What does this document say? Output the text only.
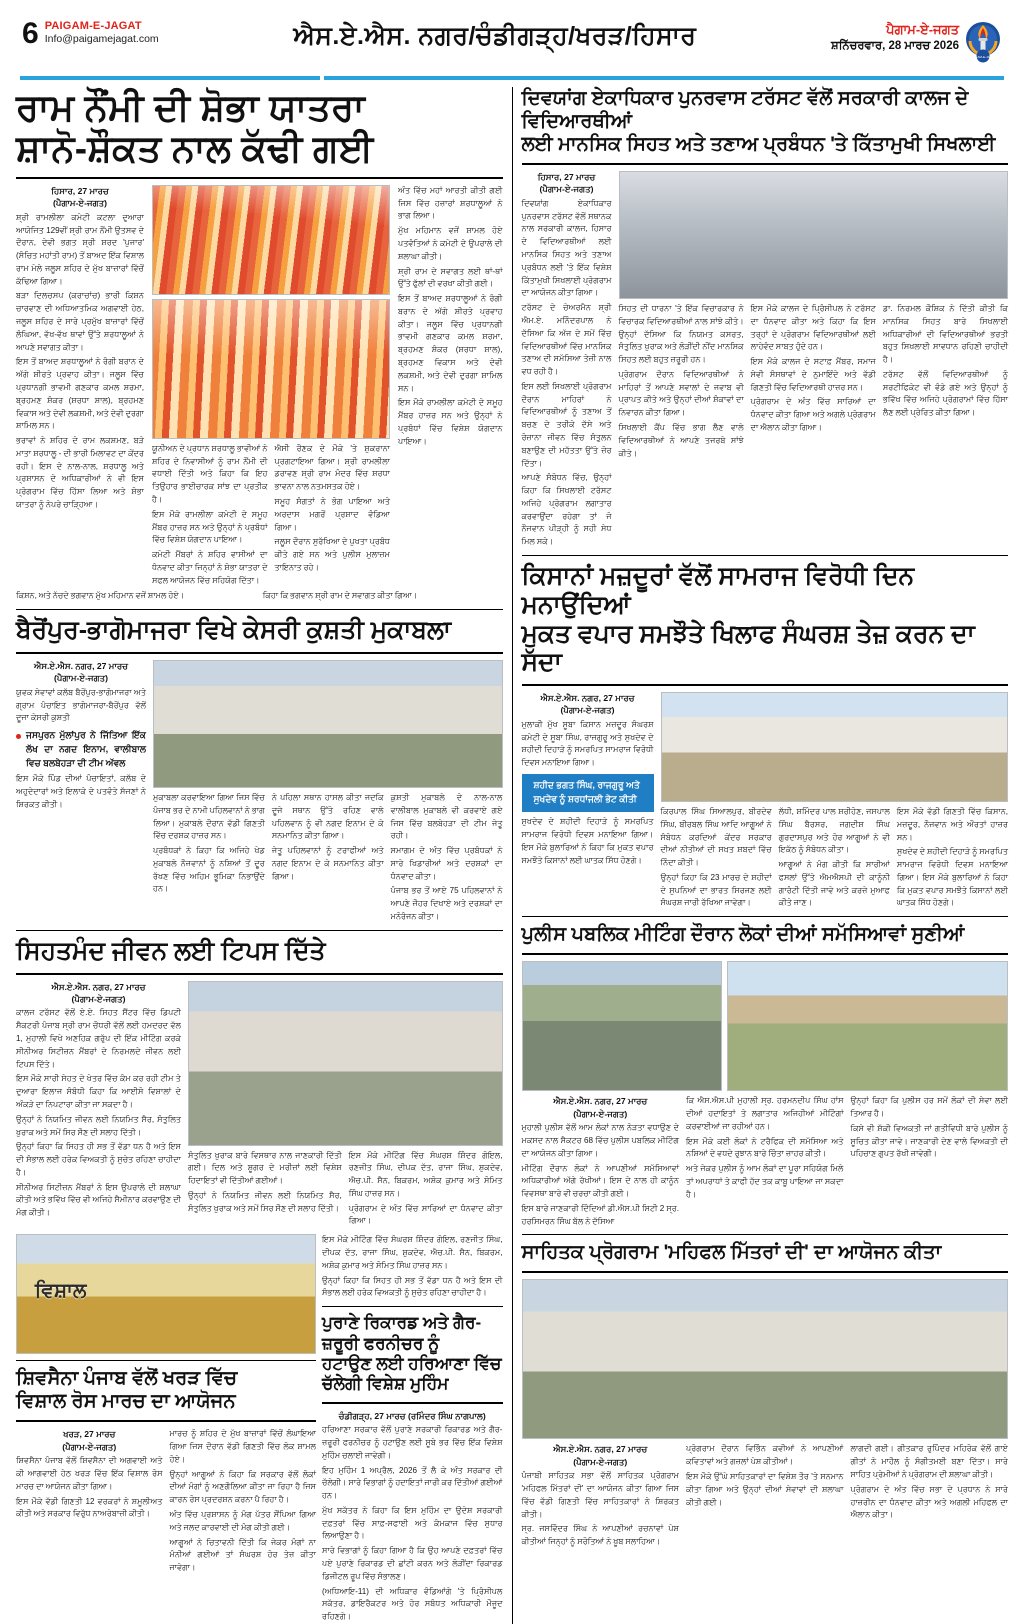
6 PAIGAM-E-JAGAT
Info@paigamejagat.com	ਐਸ.ਏ.ਐਸ. ਨਗਰ/ਚੰਡੀਗੜ੍ਹ/ਖਰੜ/ਹਿਸਾਰ	ਪੈਗਾਮ-ਏ-ਜਗਤ
ਸ਼ਨਿੱਚਰਵਾਰ, 28 ਮਾਰਚ 2026
PAIGAM-E-JAGAT
ਰਾਮ ਨੌਂਮੀ ਦੀ ਸ਼ੋਭਾ ਯਾਤਰਾ
ਸ਼ਾਨੋ-ਸ਼ੌਕਤ ਨਾਲ ਕੱਢੀ ਗਈ
ਹਿਸਾਰ, 27 ਮਾਰਚ
(ਪੈਗਾਮ-ਏ-ਜਗਤ)

ਸ਼੍ਰੀ ਰਾਮਲੀਲਾ ਕਮੇਟੀ ਕਟਲਾ ਦੁਆਰਾ ਆਯੋਜਿਤ 129ਵੀਂ ਸ਼੍ਰੀ ਰਾਮ ਨੌਂਮੀ ਉਤਸਵ ਦੇ ਦੌਰਾਨ, ਦੇਵੀ ਭਗਤ ਸ਼੍ਰੀ ਸ਼ਰਦ 'ਪੁਜਾਰ' (ਸੰਚਿਤ ਮਹਾਂਤੀ ਰਾਮ) ਤੋਂ ਬਾਅਦ ਇੱਕ ਵਿਸ਼ਾਲ ਰਾਮ ਮੇਲੇ ਜਲੂਸ ਸ਼ਹਿਰ ਦੇ ਮੁੱਖ ਬਾਜ਼ਾਰਾਂ ਵਿੱਚੋਂ ਕੱਢਿਆ ਗਿਆ।

ਬੜਾ ਦਿਲਚਸਪ (ਕਰਾਚਾਂਚ) ਭਾਰੀ ਕਿਸ਼ਨ ਚਾਰਵਾਣ ਦੀ ਅਧਿਆਤਮਿਕ ਅਗਵਾਈ ਹੇਠ, ਜਲੂਸ ਸ਼ਹਿਰ ਦੇ ਸਾਰੇ ਪ੍ਰਮੁੱਖ ਬਾਜ਼ਾਰਾਂ ਵਿੱਚੋਂ ਲੰਘਿਆ, ਵੱਖ-ਵੱਖ ਥਾਵਾਂ ਉੱਤੇ ਸ਼ਰਧਾਲੂਆਂ ਨੇ ਆਪਣੇ ਸਵਾਗਤ ਕੀਤਾ।

ਇਸ ਤੋਂ ਬਾਅਦ ਸ਼ਰਧਾਲੂਆਂ ਨੇ ਰੰਗੀ ਬਰਾਨ ਦੇ ਅੱਗੇ ਸ਼ੀਰਤੇ ਪ੍ਰਵਾਹ ਕੀਤਾ। ਜਲੂਸ ਵਿੱਚ ਪ੍ਰਧਾਨਗੀ ਭਾਵਮੀ ਗਣਕਾਰ ਕਮਲ ਸ਼ਰਮਾ, ਬ੍ਰਹਮਣ ਸ਼ੰਕਰ (ਸ਼ਰਧਾ ਸ਼ਾਲ), ਬ੍ਰਹਮਣ ਵਿਕਾਸ ਅਤੇ ਦੇਵੀ ਲਕਸ਼ਮੀ, ਅਤੇ ਦੇਵੀ ਦੁਰਗਾ ਸ਼ਾਮਿਲ ਸਨ।

ਭਰਾਵਾਂ ਨੇ ਸ਼ਹਿਰ ਦੇ ਰਾਮ ਲਕਸ਼ਮਣ, ਬੜੇ ਮਾਤਾ ਸ਼ਰਧਾਲੂ - ਦੀ ਭਾਰੀ ਮਿਲਾਵਟ ਦਾ ਕੇਂਦਰ ਰਹੀ। ਇਸ ਦੇ ਨਾਲ-ਨਾਲ, ਸ਼ਰਧਾਲੂ ਅਤੇ ਪ੍ਰਸ਼ਾਸਨ ਦੇ ਅਧਿਕਾਰੀਆਂ ਨੇ ਵੀ ਇਸ ਪ੍ਰੋਗਰਾਮ ਵਿੱਚ ਹਿੱਸਾ ਲਿਆ ਅਤੇ ਸ਼ੋਭਾ ਯਾਤਰਾ ਨੂੰ ਨੇਪਰੇ ਚਾੜ੍ਹਿਆ।

ਯੂਨੀਅਨ ਦੇ ਪ੍ਰਧਾਨ ਸ਼ਰਧਾਲੂ ਭਾਵੀਆਂ ਨੇ ਸ਼ਹਿਰ ਦੇ ਨਿਵਾਸੀਆਂ ਨੂੰ ਰਾਮ ਨੌਂਮੀ ਦੀ ਵਧਾਈ ਦਿੱਤੀ ਅਤੇ ਕਿਹਾ ਕਿ ਇਹ ਤਿਉਹਾਰ ਭਾਈਚਾਰਕ ਸਾਂਝ ਦਾ ਪ੍ਰਤੀਕ ਹੈ।

ਇਸ ਮੌਕੇ ਰਾਮਲੀਲਾ ਕਮੇਟੀ ਦੇ ਸਮੂਹ ਮੈਂਬਰ ਹਾਜ਼ਰ ਸਨ ਅਤੇ ਉਨ੍ਹਾਂ ਨੇ ਪ੍ਰਬੰਧਾਂ ਵਿੱਚ ਵਿਸ਼ੇਸ਼ ਯੋਗਦਾਨ ਪਾਇਆ।

ਕਮੇਟੀ ਮੈਂਬਰਾਂ ਨੇ ਸ਼ਹਿਰ ਵਾਸੀਆਂ ਦਾ ਧੰਨਵਾਦ ਕੀਤਾ ਜਿਨ੍ਹਾਂ ਨੇ ਸ਼ੋਭਾ ਯਾਤਰਾ ਦੇ ਸਫਲ ਆਯੋਜਨ ਵਿੱਚ ਸਹਿਯੋਗ ਦਿੱਤਾ।

ਐਸੀ ਰੌਣਕ ਦੇ ਮੌਕੇ 'ਤੇ ਸ਼ੁਕਰਾਨਾ ਪ੍ਰਗਟਾਇਆ ਗਿਆ। ਸ਼੍ਰੀ ਰਾਮਲੀਲਾ ਡਰਾਵਣ ਸ਼੍ਰੀ ਰਾਮ ਮੰਦਰ ਵਿੱਚ ਸ਼ਰਧਾ ਭਾਵਨਾ ਨਾਲ ਨਤਮਸਤਕ ਹੋਏ।

ਸਮੂਹ ਸੰਗਤਾਂ ਨੇ ਭੋਗ ਪਾਇਆ ਅਤੇ ਅਰਦਾਸ ਮਗਰੋਂ ਪ੍ਰਸ਼ਾਦ ਵੰਡਿਆ ਗਿਆ।

ਜਲੂਸ ਦੌਰਾਨ ਸੁਰੱਖਿਆ ਦੇ ਪੁਖਤਾ ਪ੍ਰਬੰਧ ਕੀਤੇ ਗਏ ਸਨ ਅਤੇ ਪੁਲੀਸ ਮੁਲਾਜ਼ਮ ਤਾਇਨਾਤ ਰਹੇ।

ਅੰਤ ਵਿੱਚ ਮਹਾਂ ਆਰਤੀ ਕੀਤੀ ਗਈ ਜਿਸ ਵਿੱਚ ਹਜ਼ਾਰਾਂ ਸ਼ਰਧਾਲੂਆਂ ਨੇ ਭਾਗ ਲਿਆ।

ਮੁੱਖ ਮਹਿਮਾਨ ਵਜੋਂ ਸ਼ਾਮਲ ਹੋਏ ਪਤਵੰਤਿਆਂ ਨੇ ਕਮੇਟੀ ਦੇ ਉਪਰਾਲੇ ਦੀ ਸ਼ਲਾਘਾ ਕੀਤੀ।

ਸ਼੍ਰੀ ਰਾਮ ਦੇ ਸਵਾਗਤ ਲਈ ਥਾਂ-ਥਾਂ ਉੱਤੇ ਫੁੱਲਾਂ ਦੀ ਵਰਖਾ ਕੀਤੀ ਗਈ।

ਇਸ ਤੋਂ ਬਾਅਦ ਸ਼ਰਧਾਲੂਆਂ ਨੇ ਰੰਗੀ ਬਰਾਨ ਦੇ ਅੱਗੇ ਸ਼ੀਰਤੇ ਪ੍ਰਵਾਹ ਕੀਤਾ। ਜਲੂਸ ਵਿੱਚ ਪ੍ਰਧਾਨਗੀ ਭਾਵਮੀ ਗਣਕਾਰ ਕਮਲ ਸ਼ਰਮਾ, ਬ੍ਰਹਮਣ ਸ਼ੰਕਰ (ਸ਼ਰਧਾ ਸ਼ਾਲ), ਬ੍ਰਹਮਣ ਵਿਕਾਸ ਅਤੇ ਦੇਵੀ ਲਕਸ਼ਮੀ, ਅਤੇ ਦੇਵੀ ਦੁਰਗਾ ਸ਼ਾਮਿਲ ਸਨ।

ਇਸ ਮੌਕੇ ਰਾਮਲੀਲਾ ਕਮੇਟੀ ਦੇ ਸਮੂਹ ਮੈਂਬਰ ਹਾਜ਼ਰ ਸਨ ਅਤੇ ਉਨ੍ਹਾਂ ਨੇ ਪ੍ਰਬੰਧਾਂ ਵਿੱਚ ਵਿਸ਼ੇਸ਼ ਯੋਗਦਾਨ ਪਾਇਆ।

ਕਿਸ਼ਨ, ਅਤੇ ਨੱਚਦੇ ਭਗਵਾਨ ਮੁੱਖ ਮਹਿਮਾਨ ਵਜੋਂ ਸ਼ਾਮਲ ਹੋਏ।	ਕਿਹਾ ਕਿ ਭਗਵਾਨ ਸ਼੍ਰੀ ਰਾਮ ਦੇ ਸਵਾਗਤ ਕੀਤਾ ਗਿਆ।

ਬੈਰੋਂਪੁਰ-ਭਾਗੋਮਾਜਰਾ ਵਿਖੇ ਕੇਸਰੀ ਕੁਸ਼ਤੀ ਮੁਕਾਬਲਾ
ਐਸ.ਏ.ਐਸ. ਨਗਰ, 27 ਮਾਰਚ
(ਪੈਗਾਮ-ਏ-ਜਗਤ)

ਯੁਵਕ ਸੇਵਾਵਾਂ ਕਲੱਬ ਬੈਰੋਂਪੁਰ-ਭਾਗੋਮਾਜਰਾ ਅਤੇ ਗ੍ਰਾਮ ਪੰਚਾਇਤ ਭਾਗੋਮਾਜਰਾ-ਬੈਰੋਂਪੁਰ ਵੱਲੋਂ ਦੂਜਾ ਕੇਸਰੀ ਕੁਸ਼ਤੀ

ਜਸਪੁਰਨ ਮੁੱਲਾਂਪੁਰ ਨੇ ਜਿੱਤਿਆ ਇੱਕ ਲੱਖ ਦਾ ਨਗਦ ਇਨਾਮ, ਵਾਲੀਬਾਲ ਵਿਚ ਬਲਬੇਹੜਾ ਦੀ ਟੀਮ ਅੱਵਲ

ਇਸ ਮੌਕੇ ਪਿੰਡ ਦੀਆਂ ਪੰਚਾਇਤਾਂ, ਕਲੱਬ ਦੇ ਅਹੁਦੇਦਾਰਾਂ ਅਤੇ ਇਲਾਕੇ ਦੇ ਪਤਵੰਤੇ ਸੱਜਣਾਂ ਨੇ ਸ਼ਿਰਕਤ ਕੀਤੀ।

ਮੁਕਾਬਲਾ ਕਰਵਾਇਆ ਗਿਆ ਜਿਸ ਵਿੱਚ ਪੰਜਾਬ ਭਰ ਦੇ ਨਾਮੀ ਪਹਿਲਵਾਨਾਂ ਨੇ ਭਾਗ ਲਿਆ। ਮੁਕਾਬਲੇ ਦੌਰਾਨ ਵੱਡੀ ਗਿਣਤੀ ਵਿੱਚ ਦਰਸ਼ਕ ਹਾਜ਼ਰ ਸਨ।

ਪ੍ਰਬੰਧਕਾਂ ਨੇ ਕਿਹਾ ਕਿ ਅਜਿਹੇ ਖੇਡ ਮੁਕਾਬਲੇ ਨੌਜਵਾਨਾਂ ਨੂੰ ਨਸ਼ਿਆਂ ਤੋਂ ਦੂਰ ਰੱਖਣ ਵਿੱਚ ਅਹਿਮ ਭੂਮਿਕਾ ਨਿਭਾਉਂਦੇ ਹਨ।

ਨੇ ਪਹਿਲਾ ਸਥਾਨ ਹਾਸਲ ਕੀਤਾ ਜਦਕਿ ਦੂਜੇ ਸਥਾਨ ਉੱਤੇ ਰਹਿਣ ਵਾਲੇ ਪਹਿਲਵਾਨ ਨੂੰ ਵੀ ਨਗਦ ਇਨਾਮ ਦੇ ਕੇ ਸਨਮਾਨਿਤ ਕੀਤਾ ਗਿਆ।

ਜੇਤੂ ਪਹਿਲਵਾਨਾਂ ਨੂੰ ਟਰਾਫੀਆਂ ਅਤੇ ਨਗਦ ਇਨਾਮ ਦੇ ਕੇ ਸਨਮਾਨਿਤ ਕੀਤਾ ਗਿਆ।

ਕੁਸ਼ਤੀ ਮੁਕਾਬਲੇ ਦੇ ਨਾਲ-ਨਾਲ ਵਾਲੀਬਾਲ ਮੁਕਾਬਲੇ ਵੀ ਕਰਵਾਏ ਗਏ ਜਿਸ ਵਿੱਚ ਬਲਬੇਹੜਾ ਦੀ ਟੀਮ ਜੇਤੂ ਰਹੀ।

ਸਮਾਗਮ ਦੇ ਅੰਤ ਵਿੱਚ ਪ੍ਰਬੰਧਕਾਂ ਨੇ ਸਾਰੇ ਖਿਡਾਰੀਆਂ ਅਤੇ ਦਰਸ਼ਕਾਂ ਦਾ ਧੰਨਵਾਦ ਕੀਤਾ।

ਪੰਜਾਬ ਭਰ ਤੋਂ ਆਏ 75 ਪਹਿਲਵਾਨਾਂ ਨੇ ਆਪਣੇ ਜੌਹਰ ਦਿਖਾਏ ਅਤੇ ਦਰਸ਼ਕਾਂ ਦਾ ਮਨੋਰੰਜਨ ਕੀਤਾ।

ਸਿਹਤਮੰਦ ਜੀਵਨ ਲਈ ਟਿਪਸ ਦਿੱਤੇ
ਐਸ.ਏ.ਐਸ. ਨਗਰ, 27 ਮਾਰਚ
(ਪੈਗਾਮ-ਏ-ਜਗਤ)

ਕਾਲਜ ਟਰੱਸਟ ਵੱਲੋਂ ਏ.ਏ. ਸਿਹਤ ਸੈਂਟਰ ਵਿੱਚ ਡਿਪਟੀ ਸੈਕਟਰੀ ਪੰਜਾਬ ਸ੍ਰੀ ਰਾਮ ਚੌਧਰੀ ਵੱਲੋਂ ਲਈ ਹਮਦਰਦ ਵੱਲ 1, ਮੁਹਾਲੀ ਵਿਖੇ ਅਣਹਿਕ ਗਰੁੱਪ ਦੀ ਇੱਕ ਮੀਟਿੰਗ ਕਰਕੇ ਸੀਨੀਅਰ ਸਿਟੀਜ਼ਨ ਮੈਂਬਰਾਂ ਦੇ ਨਿਰਮਲਦੇ ਜੀਵਨ ਲਈ ਟਿਪਸ ਦਿੱਤੇ।

ਇਸ ਮੌਕੇ ਸਾਰੀ ਸੇਹਤ ਦੇ ਖੇਤਰ ਵਿੱਚ ਕੰਮ ਕਰ ਰਹੀ ਟੀਮ ਤੇ ਦੁਆਰਾ ਇਲਾਜ ਸੰਬੰਧੀ ਕਿਹਾ ਕਿ ਆਈਸੋ ਵਿਸ਼ਾਲਾਂ ਦੇ ਅੰਕੜੇ ਦਾ ਨਿਪਟਾਰਾ ਕੀਤਾ ਜਾ ਸਕਦਾ ਹੈ।

ਉਨ੍ਹਾਂ ਨੇ ਨਿਯਮਿਤ ਜੀਵਨ ਲਈ ਨਿਯਮਿਤ ਸੈਰ, ਸੰਤੁਲਿਤ ਖੁਰਾਕ ਅਤੇ ਸਮੇਂ ਸਿਰ ਸੌਣ ਦੀ ਸਲਾਹ ਦਿੱਤੀ।

ਉਨ੍ਹਾਂ ਕਿਹਾ ਕਿ ਸਿਹਤ ਹੀ ਸਭ ਤੋਂ ਵੱਡਾ ਧਨ ਹੈ ਅਤੇ ਇਸ ਦੀ ਸੰਭਾਲ ਲਈ ਹਰੇਕ ਵਿਅਕਤੀ ਨੂੰ ਸੁਚੇਤ ਰਹਿਣਾ ਚਾਹੀਦਾ ਹੈ।

ਸੀਨੀਅਰ ਸਿਟੀਜ਼ਨ ਮੈਂਬਰਾਂ ਨੇ ਇਸ ਉਪਰਾਲੇ ਦੀ ਸ਼ਲਾਘਾ ਕੀਤੀ ਅਤੇ ਭਵਿੱਖ ਵਿੱਚ ਵੀ ਅਜਿਹੇ ਸੈਮੀਨਾਰ ਕਰਵਾਉਣ ਦੀ ਮੰਗ ਕੀਤੀ।

ਸੰਤੁਲਿਤ ਖੁਰਾਕ ਬਾਰੇ ਵਿਸਥਾਰ ਨਾਲ ਜਾਣਕਾਰੀ ਦਿੱਤੀ ਗਈ। ਦਿਲ ਅਤੇ ਸ਼ੂਗਰ ਦੇ ਮਰੀਜ਼ਾਂ ਲਈ ਵਿਸ਼ੇਸ਼ ਹਿਦਾਇਤਾਂ ਵੀ ਦਿੱਤੀਆਂ ਗਈਆਂ।

ਉਨ੍ਹਾਂ ਨੇ ਨਿਯਮਿਤ ਜੀਵਨ ਲਈ ਨਿਯਮਿਤ ਸੈਰ, ਸੰਤੁਲਿਤ ਖੁਰਾਕ ਅਤੇ ਸਮੇਂ ਸਿਰ ਸੌਣ ਦੀ ਸਲਾਹ ਦਿੱਤੀ।

ਇਸ ਮੌਕੇ ਮੀਟਿੰਗ ਵਿੱਚ ਸੰਘਰਸ਼ ਸ਼ਿੰਦਰ ਗੋਇਲ, ਰਣਜੀਤ ਸਿੰਘ, ਦੀਪਕ ਦੱਤ, ਰਾਜਾ ਸਿੰਘ, ਸ਼ੁਕਦੇਵ, ਐਚ.ਪੀ. ਸੈਨ, ਬਿਕਰਮ, ਅਸ਼ੋਕ ਕੁਮਾਰ ਅਤੇ ਸੋਮਿਤ ਸਿੰਘ ਹਾਜ਼ਰ ਸਨ।

ਪ੍ਰੋਗਰਾਮ ਦੇ ਅੰਤ ਵਿੱਚ ਸਾਰਿਆਂ ਦਾ ਧੰਨਵਾਦ ਕੀਤਾ ਗਿਆ।

ਵਿਸ਼ਾਲ
ਸ਼ਿਵਸੈਨਾ ਪੰਜਾਬ ਵੱਲੋਂ ਖਰੜ ਵਿੱਚ
ਵਿਸ਼ਾਲ ਰੋਸ ਮਾਰਚ ਦਾ ਆਯੋਜਨ
ਖਰੜ, 27 ਮਾਰਚ
(ਪੈਗਾਮ-ਏ-ਜਗਤ)

ਸ਼ਿਵਸੈਨਾ ਪੰਜਾਬ ਵੱਲੋਂ ਸ਼ਿਵਸੈਨਾ ਦੀ ਅਗਵਾਈ ਅਤੇ ਕੀ ਆਗਵਾਈ ਹੇਠ ਖਰੜ ਵਿੱਚ ਇੱਕ ਵਿਸ਼ਾਲ ਰੋਸ ਮਾਰਚ ਦਾ ਆਯੋਜਨ ਕੀਤਾ ਗਿਆ।

ਇਸ ਮੌਕੇ ਵੱਡੀ ਗਿਣਤੀ 12 ਵਰਕਰਾਂ ਨੇ ਸ਼ਮੂਲੀਅਤ ਕੀਤੀ ਅਤੇ ਸਰਕਾਰ ਵਿਰੁੱਧ ਨਾਅਰੇਬਾਜ਼ੀ ਕੀਤੀ।

ਮਾਰਚ ਨੂੰ ਸ਼ਹਿਰ ਦੇ ਮੁੱਖ ਬਾਜ਼ਾਰਾਂ ਵਿੱਚੋਂ ਲੰਘਾਇਆ ਗਿਆ ਜਿਸ ਦੌਰਾਨ ਵੱਡੀ ਗਿਣਤੀ ਵਿੱਚ ਲੋਕ ਸ਼ਾਮਲ ਹੋਏ।

ਉਨ੍ਹਾਂ ਆਗੂਆਂ ਨੇ ਕਿਹਾ ਕਿ ਸਰਕਾਰ ਵੱਲੋਂ ਲੋਕਾਂ ਦੀਆਂ ਮੰਗਾਂ ਨੂੰ ਅਣਗੌਲਿਆ ਕੀਤਾ ਜਾ ਰਿਹਾ ਹੈ ਜਿਸ ਕਾਰਨ ਰੋਸ ਪ੍ਰਦਰਸ਼ਨ ਕਰਨਾ ਪੈ ਰਿਹਾ ਹੈ।

ਅੰਤ ਵਿੱਚ ਪ੍ਰਸ਼ਾਸਨ ਨੂੰ ਮੰਗ ਪੱਤਰ ਸੌਂਪਿਆ ਗਿਆ ਅਤੇ ਜਲਦ ਕਾਰਵਾਈ ਦੀ ਮੰਗ ਕੀਤੀ ਗਈ।

ਆਗੂਆਂ ਨੇ ਚਿਤਾਵਨੀ ਦਿੱਤੀ ਕਿ ਜੇਕਰ ਮੰਗਾਂ ਨਾ ਮੰਨੀਆਂ ਗਈਆਂ ਤਾਂ ਸੰਘਰਸ਼ ਹੋਰ ਤੇਜ਼ ਕੀਤਾ ਜਾਵੇਗਾ।

ਇਸ ਮੌਕੇ ਮੀਟਿੰਗ ਵਿੱਚ ਸੰਘਰਸ਼ ਸ਼ਿੰਦਰ ਗੋਇਲ, ਰਣਜੀਤ ਸਿੰਘ, ਦੀਪਕ ਦੱਤ, ਰਾਜਾ ਸਿੰਘ, ਸ਼ੁਕਦੇਵ, ਐਚ.ਪੀ. ਸੈਨ, ਬਿਕਰਮ, ਅਸ਼ੋਕ ਕੁਮਾਰ ਅਤੇ ਸੋਮਿਤ ਸਿੰਘ ਹਾਜ਼ਰ ਸਨ।

ਉਨ੍ਹਾਂ ਕਿਹਾ ਕਿ ਸਿਹਤ ਹੀ ਸਭ ਤੋਂ ਵੱਡਾ ਧਨ ਹੈ ਅਤੇ ਇਸ ਦੀ ਸੰਭਾਲ ਲਈ ਹਰੇਕ ਵਿਅਕਤੀ ਨੂੰ ਸੁਚੇਤ ਰਹਿਣਾ ਚਾਹੀਦਾ ਹੈ।

ਪੁਰਾਣੇ ਰਿਕਾਰਡ ਅਤੇ ਗੈਰ-ਜ਼ਰੂਰੀ ਫਰਨੀਚਰ ਨੂੰ
ਹਟਾਉਣ ਲਈ ਹਰਿਆਣਾ ਵਿੱਚ ਚੱਲੇਗੀ ਵਿਸ਼ੇਸ਼ ਮੁਹਿੰਮ
ਚੰਡੀਗੜ੍ਹ, 27 ਮਾਰਚ (ਰਮਿੰਦਰ ਸਿੰਘ ਨਾਗਪਾਲ)

ਹਰਿਆਣਾ ਸਰਕਾਰ ਵੱਲੋਂ ਪੁਰਾਣੇ ਸਰਕਾਰੀ ਰਿਕਾਰਡ ਅਤੇ ਗੈਰ-ਜ਼ਰੂਰੀ ਫਰਨੀਚਰ ਨੂੰ ਹਟਾਉਣ ਲਈ ਸੂਬੇ ਭਰ ਵਿੱਚ ਇੱਕ ਵਿਸ਼ੇਸ਼ ਮੁਹਿੰਮ ਚਲਾਈ ਜਾਵੇਗੀ।

ਇਹ ਮੁਹਿੰਮ 1 ਅਪ੍ਰੈਲ, 2026 ਤੋਂ ਲੈ ਕੇ ਅੰਤ ਸਰਕਾਰ ਦੀ ਚੱਲੇਗੀ। ਸਾਰੇ ਵਿਭਾਗਾਂ ਨੂੰ ਹਦਾਇਤਾਂ ਜਾਰੀ ਕਰ ਦਿੱਤੀਆਂ ਗਈਆਂ ਹਨ।

ਮੁੱਖ ਸਕੱਤਰ ਨੇ ਕਿਹਾ ਕਿ ਇਸ ਮੁਹਿੰਮ ਦਾ ਉਦੇਸ਼ ਸਰਕਾਰੀ ਦਫ਼ਤਰਾਂ ਵਿੱਚ ਸਾਫ਼-ਸਫਾਈ ਅਤੇ ਕੰਮਕਾਜ ਵਿੱਚ ਸੁਧਾਰ ਲਿਆਉਣਾ ਹੈ।

ਸਾਰੇ ਵਿਭਾਗਾਂ ਨੂੰ ਕਿਹਾ ਗਿਆ ਹੈ ਕਿ ਉਹ ਆਪਣੇ ਦਫ਼ਤਰਾਂ ਵਿੱਚ ਪਏ ਪੁਰਾਣੇ ਰਿਕਾਰਡ ਦੀ ਛਾਂਟੀ ਕਰਨ ਅਤੇ ਲੋੜੀਂਦਾ ਰਿਕਾਰਡ ਡਿਜੀਟਲ ਰੂਪ ਵਿੱਚ ਸੰਭਾਲਣ।

(ਅਧਿਆਇ-11) ਦੀ ਅਧਿਕਾਰ ਵੰਡਿਆਂਗੇ 'ਤੇ ਪ੍ਰਿੰਸੀਪਲ ਸਕੱਤਰ, ਡਾਇਰੈਕਟਰ ਅਤੇ ਹੋਰ ਸਬੰਧਤ ਅਧਿਕਾਰੀ ਮੌਜੂਦ ਰਹਿਣਗੇ।

ਦਿਵਯਾਂਗ ਏਕਾਧਿਕਾਰ ਪੁਨਰਵਾਸ ਟਰੱਸਟ ਵੱਲੋਂ ਸਰਕਾਰੀ ਕਾਲਜ ਦੇ ਵਿਦਿਆਰਥੀਆਂ
ਲਈ ਮਾਨਸਿਕ ਸਿਹਤ ਅਤੇ ਤਣਾਅ ਪ੍ਰਬੰਧਨ 'ਤੇ ਕਿੱਤਾਮੁਖੀ ਸਿਖਲਾਈ
ਹਿਸਾਰ, 27 ਮਾਰਚ
(ਪੈਗਾਮ-ਏ-ਜਗਤ)

ਦਿਵਯਾਂਗ ਏਕਾਧਿਕਾਰ ਪੁਨਰਵਾਸ ਟਰੱਸਟ ਵੱਲੋਂ ਸਥਾਨਕ ਨਾਲ ਸਰਕਾਰੀ ਕਾਲਜ, ਹਿਸਾਰ ਦੇ ਵਿਦਿਆਰਥੀਆਂ ਲਈ ਮਾਨਸਿਕ ਸਿਹਤ ਅਤੇ ਤਣਾਅ ਪ੍ਰਬੰਧਨ ਲਈ 'ਤੇ ਇੱਕ ਵਿਸ਼ੇਸ਼ ਕਿੱਤਾਮੁਖੀ ਸਿਖਲਾਈ ਪ੍ਰੋਗਰਾਮ ਦਾ ਆਯੋਜਨ ਕੀਤਾ ਗਿਆ।

ਟਰੱਸਟ ਦੇ ਚੇਅਰਮੈਨ ਸ਼੍ਰੀ ਐਮ.ਏ. ਮਨਿੰਦਰਪਾਲ ਨੇ ਦੱਸਿਆ ਕਿ ਅੱਜ ਦੇ ਸਮੇਂ ਵਿੱਚ ਵਿਦਿਆਰਥੀਆਂ ਵਿੱਚ ਮਾਨਸਿਕ ਤਣਾਅ ਦੀ ਸਮੱਸਿਆ ਤੇਜ਼ੀ ਨਾਲ ਵਧ ਰਹੀ ਹੈ।

ਇਸ ਲਈ ਸਿਖਲਾਈ ਪ੍ਰੋਗਰਾਮ ਦੌਰਾਨ ਮਾਹਿਰਾਂ ਨੇ ਵਿਦਿਆਰਥੀਆਂ ਨੂੰ ਤਣਾਅ ਤੋਂ ਬਚਣ ਦੇ ਤਰੀਕੇ ਦੱਸੇ ਅਤੇ ਰੋਜ਼ਾਨਾ ਜੀਵਨ ਵਿੱਚ ਸੰਤੁਲਨ ਬਣਾਉਣ ਦੀ ਮਹੱਤਤਾ ਉੱਤੇ ਜ਼ੋਰ ਦਿੱਤਾ।

ਆਪਣੇ ਸੰਬੋਧਨ ਵਿੱਚ, ਉਨ੍ਹਾਂ ਕਿਹਾ ਕਿ ਸਿਖਲਾਈ ਟਰੱਸਟ ਅਜਿਹੇ ਪ੍ਰੋਗਰਾਮ ਲਗਾਤਾਰ ਕਰਵਾਉਂਦਾ ਰਹੇਗਾ ਤਾਂ ਜੋ ਨੌਜਵਾਨ ਪੀੜ੍ਹੀ ਨੂੰ ਸਹੀ ਸੇਧ ਮਿਲ ਸਕੇ।

ਸਿਹਤ ਦੀ ਧਾਰਨਾ 'ਤੇ ਇੱਕ ਵਿਚਾਰਕਾਰ ਨੇ ਵਿਚਾਰਕ ਵਿਦਿਆਰਥੀਆਂ ਨਾਲ ਸਾਂਝੇ ਕੀਤੇ। ਉਨ੍ਹਾਂ ਦੱਸਿਆ ਕਿ ਨਿਯਮਤ ਕਸਰਤ, ਸੰਤੁਲਿਤ ਖੁਰਾਕ ਅਤੇ ਲੋੜੀਂਦੀ ਨੀਂਦ ਮਾਨਸਿਕ ਸਿਹਤ ਲਈ ਬਹੁਤ ਜ਼ਰੂਰੀ ਹਨ।

ਪ੍ਰੋਗਰਾਮ ਦੌਰਾਨ ਵਿਦਿਆਰਥੀਆਂ ਨੇ ਮਾਹਿਰਾਂ ਤੋਂ ਆਪਣੇ ਸਵਾਲਾਂ ਦੇ ਜਵਾਬ ਵੀ ਪ੍ਰਾਪਤ ਕੀਤੇ ਅਤੇ ਉਨ੍ਹਾਂ ਦੀਆਂ ਸ਼ੰਕਾਵਾਂ ਦਾ ਨਿਵਾਰਨ ਕੀਤਾ ਗਿਆ।

ਸਿਖਲਾਈ ਕੈਂਪ ਵਿੱਚ ਭਾਗ ਲੈਣ ਵਾਲੇ ਵਿਦਿਆਰਥੀਆਂ ਨੇ ਆਪਣੇ ਤਜਰਬੇ ਸਾਂਝੇ ਕੀਤੇ।

ਇਸ ਮੌਕੇ ਕਾਲਜ ਦੇ ਪ੍ਰਿੰਸੀਪਲ ਨੇ ਟਰੱਸਟ ਦਾ ਧੰਨਵਾਦ ਕੀਤਾ ਅਤੇ ਕਿਹਾ ਕਿ ਇਸ ਤਰ੍ਹਾਂ ਦੇ ਪ੍ਰੋਗਰਾਮ ਵਿਦਿਆਰਥੀਆਂ ਲਈ ਲਾਹੇਵੰਦ ਸਾਬਤ ਹੁੰਦੇ ਹਨ।

ਇਸ ਮੌਕੇ ਕਾਲਜ ਦੇ ਸਟਾਫ਼ ਮੈਂਬਰ, ਸਮਾਜ ਸੇਵੀ ਸੰਸਥਾਵਾਂ ਦੇ ਨੁਮਾਇੰਦੇ ਅਤੇ ਵੱਡੀ ਗਿਣਤੀ ਵਿੱਚ ਵਿਦਿਆਰਥੀ ਹਾਜ਼ਰ ਸਨ।

ਪ੍ਰੋਗਰਾਮ ਦੇ ਅੰਤ ਵਿੱਚ ਸਾਰਿਆਂ ਦਾ ਧੰਨਵਾਦ ਕੀਤਾ ਗਿਆ ਅਤੇ ਅਗਲੇ ਪ੍ਰੋਗਰਾਮ ਦਾ ਐਲਾਨ ਕੀਤਾ ਗਿਆ।

ਡਾ. ਨਿਰਮਲ ਕੌਸ਼ਿਕ ਨੇ ਦਿੱਤੀ ਕੀਤੀ ਕਿ ਮਾਨਸਿਕ ਸਿਹਤ ਬਾਰੇ ਸਿਖਲਾਈ ਅਧਿਕਾਰੀਆਂ ਦੀ ਵਿਦਿਆਰਥੀਆਂ ਭਰਤੀ ਬਹੁਤ ਸਿਖਲਾਈ ਸਾਵਧਾਨ ਰਹਿਣੀ ਚਾਹੀਦੀ ਹੈ।

ਟਰੱਸਟ ਵੱਲੋਂ ਵਿਦਿਆਰਥੀਆਂ ਨੂੰ ਸਰਟੀਫਿਕੇਟ ਵੀ ਵੰਡੇ ਗਏ ਅਤੇ ਉਨ੍ਹਾਂ ਨੂੰ ਭਵਿੱਖ ਵਿੱਚ ਅਜਿਹੇ ਪ੍ਰੋਗਰਾਮਾਂ ਵਿੱਚ ਹਿੱਸਾ ਲੈਣ ਲਈ ਪ੍ਰੇਰਿਤ ਕੀਤਾ ਗਿਆ।

ਕਿਸਾਨਾਂ ਮਜ਼ਦੂਰਾਂ ਵੱਲੋਂ ਸਾਮਰਾਜ ਵਿਰੋਧੀ ਦਿਨ ਮਨਾਉਂਦਿਆਂ
ਮੁਕਤ ਵਪਾਰ ਸਮਝੌਤੇ ਖਿਲਾਫ ਸੰਘਰਸ਼ ਤੇਜ਼ ਕਰਨ ਦਾ ਸੱਦਾ
ਐਸ.ਏ.ਐਸ. ਨਗਰ, 27 ਮਾਰਚ
(ਪੈਗਾਮ-ਏ-ਜਗਤ)

ਮੁਲਾਕੀ ਮੁੱਖ ਸੂਬਾ ਕਿਸਾਨ ਮਜ਼ਦੂਰ ਸੰਘਰਸ਼ ਕਮੇਟੀ ਦੇ ਸੂਬਾ ਸਿੰਘ, ਰਾਜਗੁਰੂ ਅਤੇ ਸੁਖਦੇਵ ਦੇ ਸ਼ਹੀਦੀ ਦਿਹਾੜੇ ਨੂੰ ਸਮਰਪਿਤ ਸਾਮਰਾਜ ਵਿਰੋਧੀ ਦਿਵਸ ਮਨਾਇਆ ਗਿਆ।

ਸ਼ਹੀਦ ਭਗਤ ਸਿੰਘ, ਰਾਜਗੁਰੂ ਅਤੇ ਸੁਖਦੇਵ ਨੂੰ ਸ਼ਰਧਾਂਜਲੀ ਭੇਟ ਕੀਤੀ

ਸੁਖਦੇਵ ਦੇ ਸ਼ਹੀਦੀ ਦਿਹਾੜੇ ਨੂੰ ਸਮਰਪਿਤ ਸਾਮਰਾਜ ਵਿਰੋਧੀ ਦਿਵਸ ਮਨਾਇਆ ਗਿਆ। ਇਸ ਮੌਕੇ ਬੁਲਾਰਿਆਂ ਨੇ ਕਿਹਾ ਕਿ ਮੁਕਤ ਵਪਾਰ ਸਮਝੌਤੇ ਕਿਸਾਨਾਂ ਲਈ ਘਾਤਕ ਸਿੱਧ ਹੋਣਗੇ।

ਕਿਰਪਾਲ ਸਿੰਘ ਸਿਆਲਪੁਰ, ਬੀਰਦੇਵ ਸਿੰਘ, ਬੀਰਬਲ ਸਿੰਘ ਆਦਿ ਆਗੂਆਂ ਨੇ ਸੰਬੋਧਨ ਕਰਦਿਆਂ ਕੇਂਦਰ ਸਰਕਾਰ ਦੀਆਂ ਨੀਤੀਆਂ ਦੀ ਸਖ਼ਤ ਸ਼ਬਦਾਂ ਵਿੱਚ ਨਿੰਦਾ ਕੀਤੀ।

ਉਨ੍ਹਾਂ ਕਿਹਾ ਕਿ 23 ਮਾਰਚ ਦੇ ਸ਼ਹੀਦਾਂ ਦੇ ਸੁਪਨਿਆਂ ਦਾ ਭਾਰਤ ਸਿਰਜਣ ਲਈ ਸੰਘਰਸ਼ ਜਾਰੀ ਰੱਖਿਆ ਜਾਵੇਗਾ।

ਲੱਧੀ, ਸ਼ਮਿੰਦਰ ਪਾਲ ਸ਼ਰੀਹੋਣ, ਜਸਪਾਲ ਸਿੰਘ ਬੈਰਸਰ, ਜਗਦੀਸ਼ ਸਿੰਘ ਗੁਰਦਾਸਪੁਰ ਅਤੇ ਹੋਰ ਆਗੂਆਂ ਨੇ ਵੀ ਇਕੱਠ ਨੂੰ ਸੰਬੋਧਨ ਕੀਤਾ।

ਆਗੂਆਂ ਨੇ ਮੰਗ ਕੀਤੀ ਕਿ ਸਾਰੀਆਂ ਫਸਲਾਂ ਉੱਤੇ ਐਮਐਸਪੀ ਦੀ ਕਾਨੂੰਨੀ ਗਾਰੰਟੀ ਦਿੱਤੀ ਜਾਵੇ ਅਤੇ ਕਰਜ਼ੇ ਮੁਆਫ ਕੀਤੇ ਜਾਣ।

ਇਸ ਮੌਕੇ ਵੱਡੀ ਗਿਣਤੀ ਵਿੱਚ ਕਿਸਾਨ, ਮਜ਼ਦੂਰ, ਨੌਜਵਾਨ ਅਤੇ ਔਰਤਾਂ ਹਾਜ਼ਰ ਸਨ।

ਸੁਖਦੇਵ ਦੇ ਸ਼ਹੀਦੀ ਦਿਹਾੜੇ ਨੂੰ ਸਮਰਪਿਤ ਸਾਮਰਾਜ ਵਿਰੋਧੀ ਦਿਵਸ ਮਨਾਇਆ ਗਿਆ। ਇਸ ਮੌਕੇ ਬੁਲਾਰਿਆਂ ਨੇ ਕਿਹਾ ਕਿ ਮੁਕਤ ਵਪਾਰ ਸਮਝੌਤੇ ਕਿਸਾਨਾਂ ਲਈ ਘਾਤਕ ਸਿੱਧ ਹੋਣਗੇ।

ਪੁਲੀਸ ਪਬਲਿਕ ਮੀਟਿੰਗ ਦੌਰਾਨ ਲੋਕਾਂ ਦੀਆਂ ਸਮੱਸਿਆਵਾਂ ਸੁਣੀਆਂ
ਐਸ.ਏ.ਐਸ. ਨਗਰ, 27 ਮਾਰਚ
(ਪੈਗਾਮ-ਏ-ਜਗਤ)

ਮੁਹਾਲੀ ਪੁਲੀਸ ਵੱਲੋਂ ਆਮ ਲੋਕਾਂ ਨਾਲ ਨੇੜਤਾ ਵਧਾਉਣ ਦੇ ਮਕਸਦ ਨਾਲ ਸੈਕਟਰ 68 ਵਿੱਚ ਪੁਲੀਸ ਪਬਲਿਕ ਮੀਟਿੰਗ ਦਾ ਆਯੋਜਨ ਕੀਤਾ ਗਿਆ।

ਮੀਟਿੰਗ ਦੌਰਾਨ ਲੋਕਾਂ ਨੇ ਆਪਣੀਆਂ ਸਮੱਸਿਆਵਾਂ ਅਧਿਕਾਰੀਆਂ ਅੱਗੇ ਰੱਖੀਆਂ। ਇਸ ਦੇ ਨਾਲ ਹੀ ਕਾਨੂੰਨ ਵਿਵਸਥਾ ਬਾਰੇ ਵੀ ਚਰਚਾ ਕੀਤੀ ਗਈ।

ਇਸ ਬਾਰੇ ਜਾਣਕਾਰੀ ਦਿੰਦਿਆਂ ਡੀ.ਐਸ.ਪੀ ਸਿਟੀ 2 ਸ੍ਰ. ਹਰਸਿਮਰਨ ਸਿੰਘ ਬੱਲ ਨੇ ਦੱਸਿਆ

ਕਿ ਐਸ.ਐਸ.ਪੀ ਮੁਹਾਲੀ ਸ੍ਰ. ਹਰਮਨਦੀਪ ਸਿੰਘ ਹਾਂਸ ਦੀਆਂ ਹਦਾਇਤਾਂ ਤੇ ਲਗਾਤਾਰ ਅਜਿਹੀਆਂ ਮੀਟਿੰਗਾਂ ਕਰਵਾਈਆਂ ਜਾ ਰਹੀਆਂ ਹਨ।

ਇਸ ਮੌਕੇ ਕਈ ਲੋਕਾਂ ਨੇ ਟਰੈਫਿਕ ਦੀ ਸਮੱਸਿਆ ਅਤੇ ਨਸ਼ਿਆਂ ਦੇ ਵਧਦੇ ਰੁਝਾਨ ਬਾਰੇ ਚਿੰਤਾ ਜ਼ਾਹਰ ਕੀਤੀ।

ਅਤੇ ਜੇਕਰ ਪੁਲੀਸ ਨੂੰ ਆਮ ਲੋਕਾਂ ਦਾ ਪੂਰਾ ਸਹਿਯੋਗ ਮਿਲੇ ਤਾਂ ਅਪਰਾਧਾਂ ਤੇ ਕਾਫੀ ਹੱਦ ਤਕ ਕਾਬੂ ਪਾਇਆ ਜਾ ਸਕਦਾ ਹੈ।

ਉਨ੍ਹਾਂ ਕਿਹਾ ਕਿ ਪੁਲੀਸ ਹਰ ਸਮੇਂ ਲੋਕਾਂ ਦੀ ਸੇਵਾ ਲਈ ਤਿਆਰ ਹੈ।

ਕਿਸੇ ਵੀ ਸ਼ੱਕੀ ਵਿਅਕਤੀ ਜਾਂ ਗਤੀਵਿਧੀ ਬਾਰੇ ਪੁਲੀਸ ਨੂੰ ਸੂਚਿਤ ਕੀਤਾ ਜਾਵੇ। ਜਾਣਕਾਰੀ ਦੇਣ ਵਾਲੇ ਵਿਅਕਤੀ ਦੀ ਪਹਿਚਾਣ ਗੁਪਤ ਰੱਖੀ ਜਾਵੇਗੀ।

ਸਾਹਿਤਕ ਪ੍ਰੋਗਰਾਮ 'ਮਹਿਫਲ ਮਿੱਤਰਾਂ ਦੀ' ਦਾ ਆਯੋਜਨ ਕੀਤਾ
ਐਸ.ਏ.ਐਸ. ਨਗਰ, 27 ਮਾਰਚ
(ਪੈਗਾਮ-ਏ-ਜਗਤ)

ਪੰਜਾਬੀ ਸਾਹਿਤਕ ਸਭਾ ਵੱਲੋਂ ਸਾਹਿਤਕ ਪ੍ਰੋਗਰਾਮ 'ਮਹਿਫਲ ਮਿੱਤਰਾਂ ਦੀ' ਦਾ ਆਯੋਜਨ ਕੀਤਾ ਗਿਆ ਜਿਸ ਵਿੱਚ ਵੱਡੀ ਗਿਣਤੀ ਵਿੱਚ ਸਾਹਿਤਕਾਰਾਂ ਨੇ ਸ਼ਿਰਕਤ ਕੀਤੀ।

ਸ੍ਰ. ਜਸਵਿੰਦਰ ਸਿੰਘ ਨੇ ਆਪਣੀਆਂ ਰਚਨਾਵਾਂ ਪੇਸ਼ ਕੀਤੀਆਂ ਜਿਨ੍ਹਾਂ ਨੂੰ ਸਰੋਤਿਆਂ ਨੇ ਖੂਬ ਸਲਾਹਿਆ।

ਪ੍ਰੋਗਰਾਮ ਦੌਰਾਨ ਵਿਭਿੰਨ ਕਵੀਆਂ ਨੇ ਆਪਣੀਆਂ ਕਵਿਤਾਵਾਂ ਅਤੇ ਗਜ਼ਲਾਂ ਪੇਸ਼ ਕੀਤੀਆਂ।

ਇਸ ਮੌਕੇ ਉੱਘੇ ਸਾਹਿਤਕਾਰਾਂ ਦਾ ਵਿਸ਼ੇਸ਼ ਤੌਰ 'ਤੇ ਸਨਮਾਨ ਕੀਤਾ ਗਿਆ ਅਤੇ ਉਨ੍ਹਾਂ ਦੀਆਂ ਸੇਵਾਵਾਂ ਦੀ ਸ਼ਲਾਘਾ ਕੀਤੀ ਗਈ।

ਲਾਗਦੀ ਗਈ। ਗੀਤਕਾਰ ਰੁਪਿੰਦਰ ਮਹਿਰੋਕ ਵੱਲੋਂ ਗਾਏ ਗੀਤਾਂ ਨੇ ਮਾਹੌਲ ਨੂੰ ਸੰਗੀਤਮਈ ਬਣਾ ਦਿੱਤਾ। ਸਾਰੇ ਸਾਹਿਤ ਪ੍ਰੇਮੀਆਂ ਨੇ ਪ੍ਰੋਗਰਾਮ ਦੀ ਸ਼ਲਾਘਾ ਕੀਤੀ।

ਪ੍ਰੋਗਰਾਮ ਦੇ ਅੰਤ ਵਿੱਚ ਸਭਾ ਦੇ ਪ੍ਰਧਾਨ ਨੇ ਸਾਰੇ ਹਾਜ਼ਰੀਨ ਦਾ ਧੰਨਵਾਦ ਕੀਤਾ ਅਤੇ ਅਗਲੀ ਮਹਿਫਲ ਦਾ ਐਲਾਨ ਕੀਤਾ।
